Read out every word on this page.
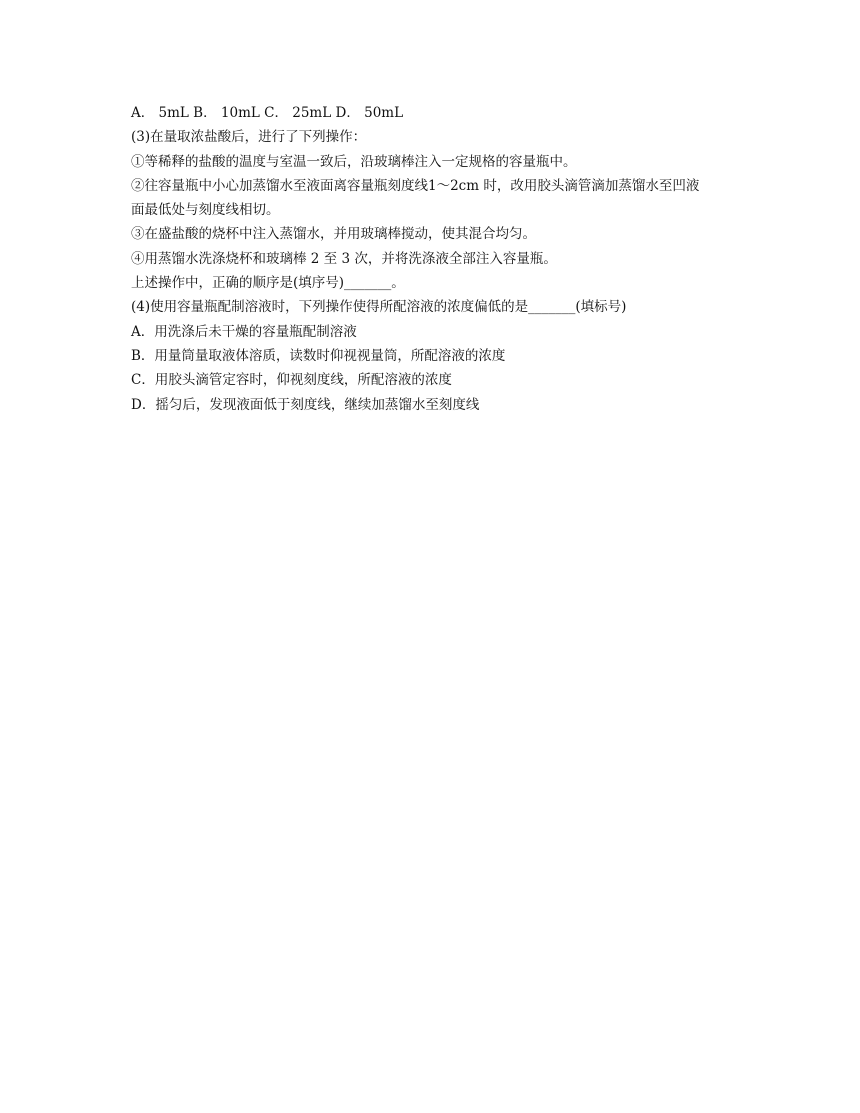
A． 5mL B． 10mL C． 25mL D． 50mL
(3)在量取浓盐酸后，进行了下列操作：
①等稀释的盐酸的温度与室温一致后，沿玻璃棒注入一定规格的容量瓶中。
②往容量瓶中小心加蒸馏水至液面离容量瓶刻度线1～2cm 时，改用胶头滴管滴加蒸馏水至凹液
面最低处与刻度线相切。
③在盛盐酸的烧杯中注入蒸馏水，并用玻璃棒搅动，使其混合均匀。
④用蒸馏水洗涤烧杯和玻璃棒 2 至 3 次，并将洗涤液全部注入容量瓶。
上述操作中，正确的顺序是(填序号)_______。
(4)使用容量瓶配制溶液时，下列操作使得所配溶液的浓度偏低的是_______(填标号)
A．用洗涤后未干燥的容量瓶配制溶液
B．用量筒量取液体溶质，读数时仰视视量筒，所配溶液的浓度
C．用胶头滴管定容时，仰视刻度线，所配溶液的浓度
D．摇匀后，发现液面低于刻度线，继续加蒸馏水至刻度线
